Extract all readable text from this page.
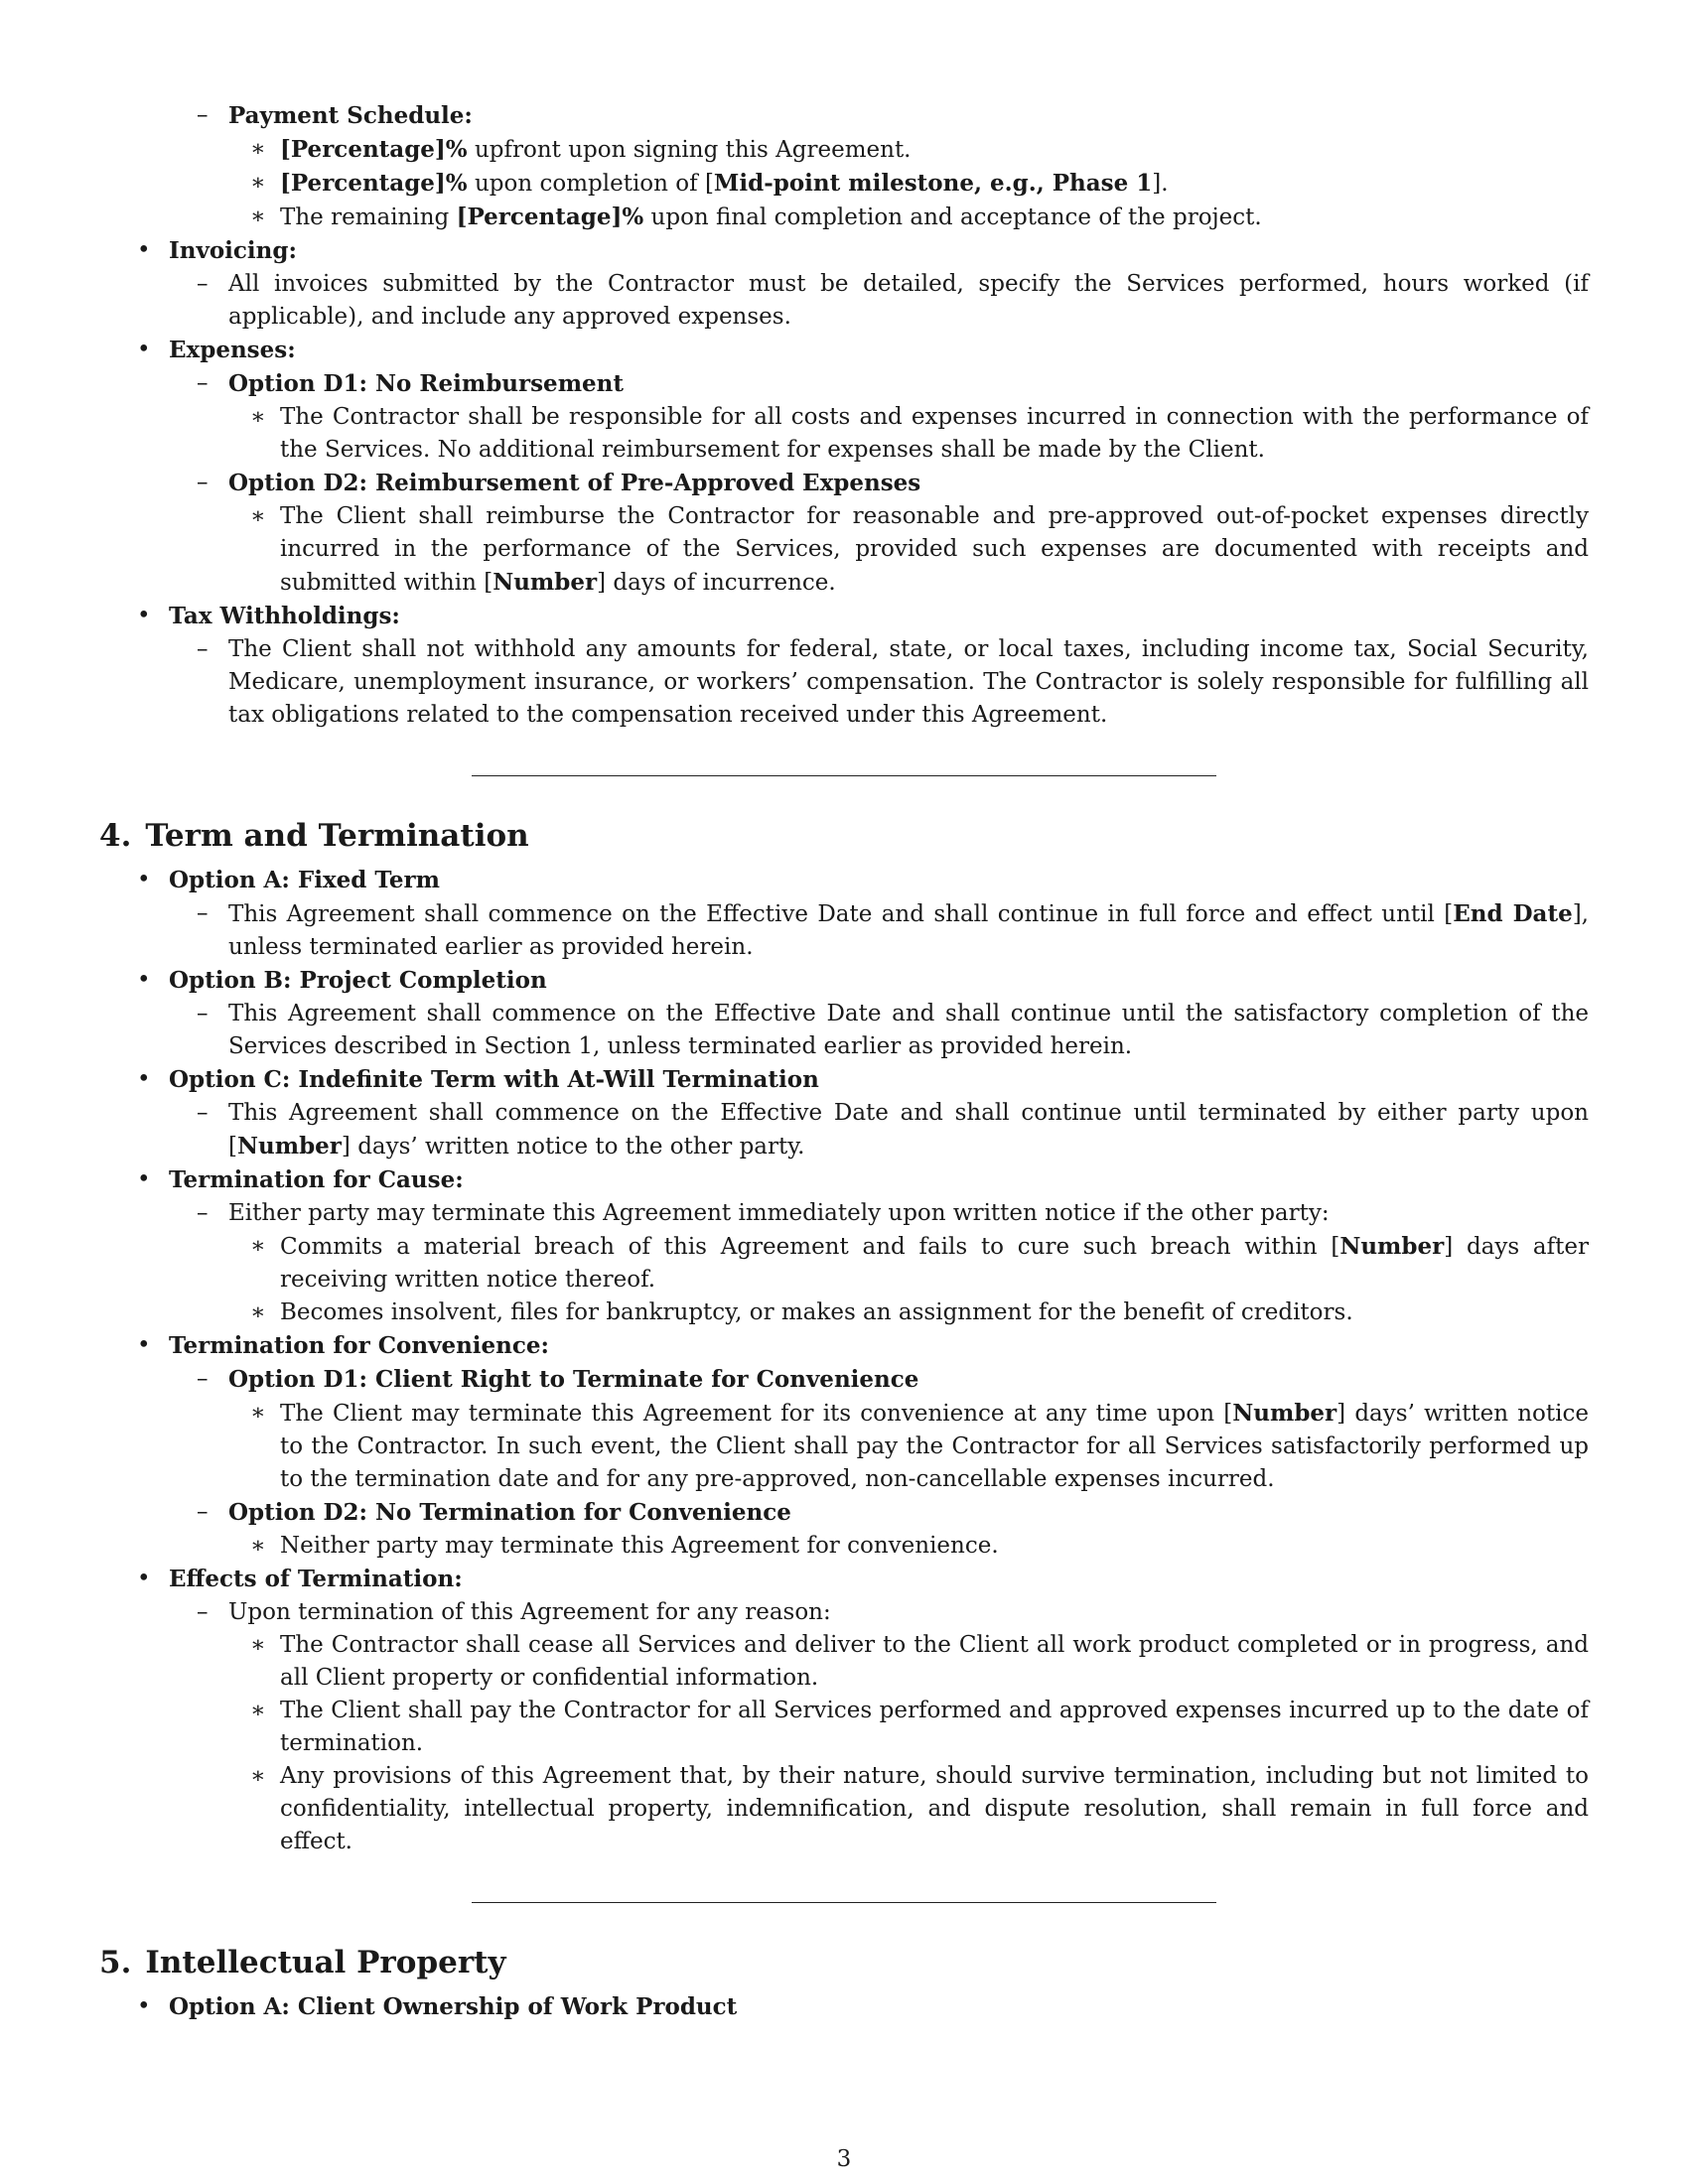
– Payment Schedule:
∗ [Percentage]% upfront upon signing this Agreement.
∗ [Percentage]% upon completion of [Mid-point milestone, e.g., Phase 1].
∗ The remaining [Percentage]% upon final completion and acceptance of the project.
• Invoicing:
– All invoices submitted by the Contractor must be detailed, specify the Services performed, hours worked (if applicable), and include any approved expenses.
• Expenses:
– Option D1: No Reimbursement
∗ The Contractor shall be responsible for all costs and expenses incurred in connection with the performance of the Services. No additional reimbursement for expenses shall be made by the Client.
– Option D2: Reimbursement of Pre-Approved Expenses
∗ The Client shall reimburse the Contractor for reasonable and pre-approved out-of-pocket expenses directly incurred in the performance of the Services, provided such expenses are documented with receipts and submitted within [Number] days of incurrence.
• Tax Withholdings:
– The Client shall not withhold any amounts for federal, state, or local taxes, including income tax, Social Security, Medicare, unemployment insurance, or workers’ compensation. The Contractor is solely responsible for fulfilling all tax obligations related to the compensation received under this Agreement.
4. Term and Termination
• Option A: Fixed Term
– This Agreement shall commence on the Effective Date and shall continue in full force and effect until [End Date], unless terminated earlier as provided herein.
• Option B: Project Completion
– This Agreement shall commence on the Effective Date and shall continue until the satisfactory completion of the Services described in Section 1, unless terminated earlier as provided herein.
• Option C: Indefinite Term with At-Will Termination
– This Agreement shall commence on the Effective Date and shall continue until terminated by either party upon [Number] days’ written notice to the other party.
• Termination for Cause:
– Either party may terminate this Agreement immediately upon written notice if the other party:
∗ Commits a material breach of this Agreement and fails to cure such breach within [Number] days after receiving written notice thereof.
∗ Becomes insolvent, files for bankruptcy, or makes an assignment for the benefit of creditors.
• Termination for Convenience:
– Option D1: Client Right to Terminate for Convenience
∗ The Client may terminate this Agreement for its convenience at any time upon [Number] days’ written notice to the Contractor. In such event, the Client shall pay the Contractor for all Services satisfactorily performed up to the termination date and for any pre-approved, non-cancellable expenses incurred.
– Option D2: No Termination for Convenience
∗ Neither party may terminate this Agreement for convenience.
• Effects of Termination:
– Upon termination of this Agreement for any reason:
∗ The Contractor shall cease all Services and deliver to the Client all work product completed or in progress, and all Client property or confidential information.
∗ The Client shall pay the Contractor for all Services performed and approved expenses incurred up to the date of termination.
∗ Any provisions of this Agreement that, by their nature, should survive termination, including but not limited to confidentiality, intellectual property, indemnification, and dispute resolution, shall remain in full force and effect.
5. Intellectual Property
• Option A: Client Ownership of Work Product
3
